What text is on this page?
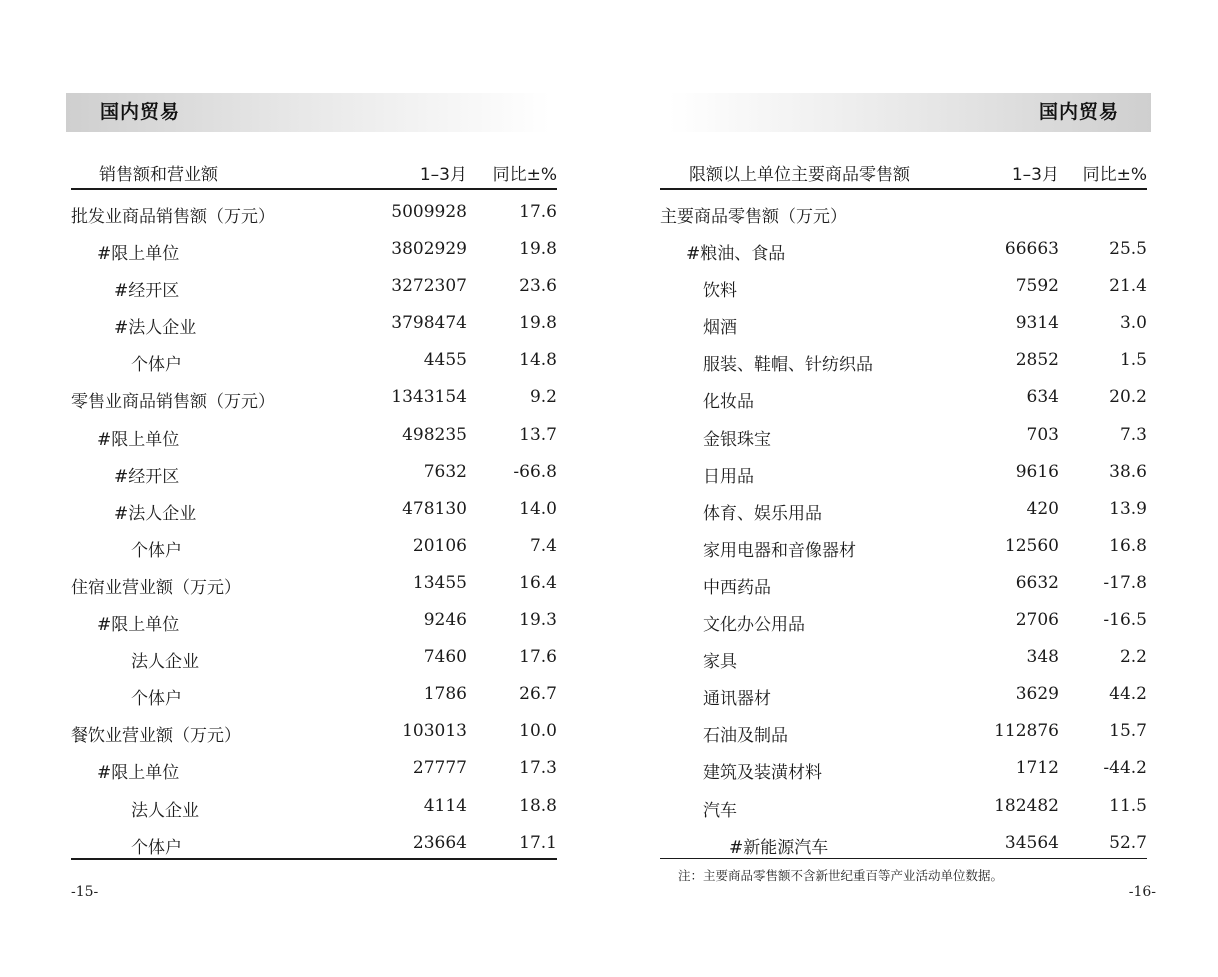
国内贸易
销售额和营业额	1–3月 同比±%
批发业商品销售额（万元）	5009928	17.6
#限上单位	3802929	19.8
#经开区	3272307	23.6
#法人企业	3798474	19.8
个体户	4455	14.8
零售业商品销售额（万元）	1343154	9.2
#限上单位	498235	13.7
#经开区	7632	-66.8
#法人企业	478130	14.0
个体户	20106	7.4
住宿业营业额（万元）	13455	16.4
#限上单位	9246	19.3
法人企业	7460	17.6
个体户	1786	26.7
餐饮业营业额（万元）	103013	10.0
#限上单位	27777	17.3
法人企业	4114	18.8
个体户	23664	17.1
-15-
国内贸易
限额以上单位主要商品零售额	1–3月 同比±%
主要商品零售额（万元）
#粮油、食品	66663	25.5
饮料	7592	21.4
烟酒	9314	3.0
服装、鞋帽、针纺织品	2852	1.5
化妆品	634	20.2
金银珠宝	703	7.3
日用品	9616	38.6
体育、娱乐用品	420	13.9
家用电器和音像器材	12560	16.8
中西药品	6632	-17.8
文化办公用品	2706	-16.5
家具	348	2.2
通讯器材	3629	44.2
石油及制品	112876	15.7
建筑及装潢材料	1712	-44.2
汽车	182482	11.5
#新能源汽车	34564	52.7
注：主要商品零售额不含新世纪重百等产业活动单位数据。
-16-
